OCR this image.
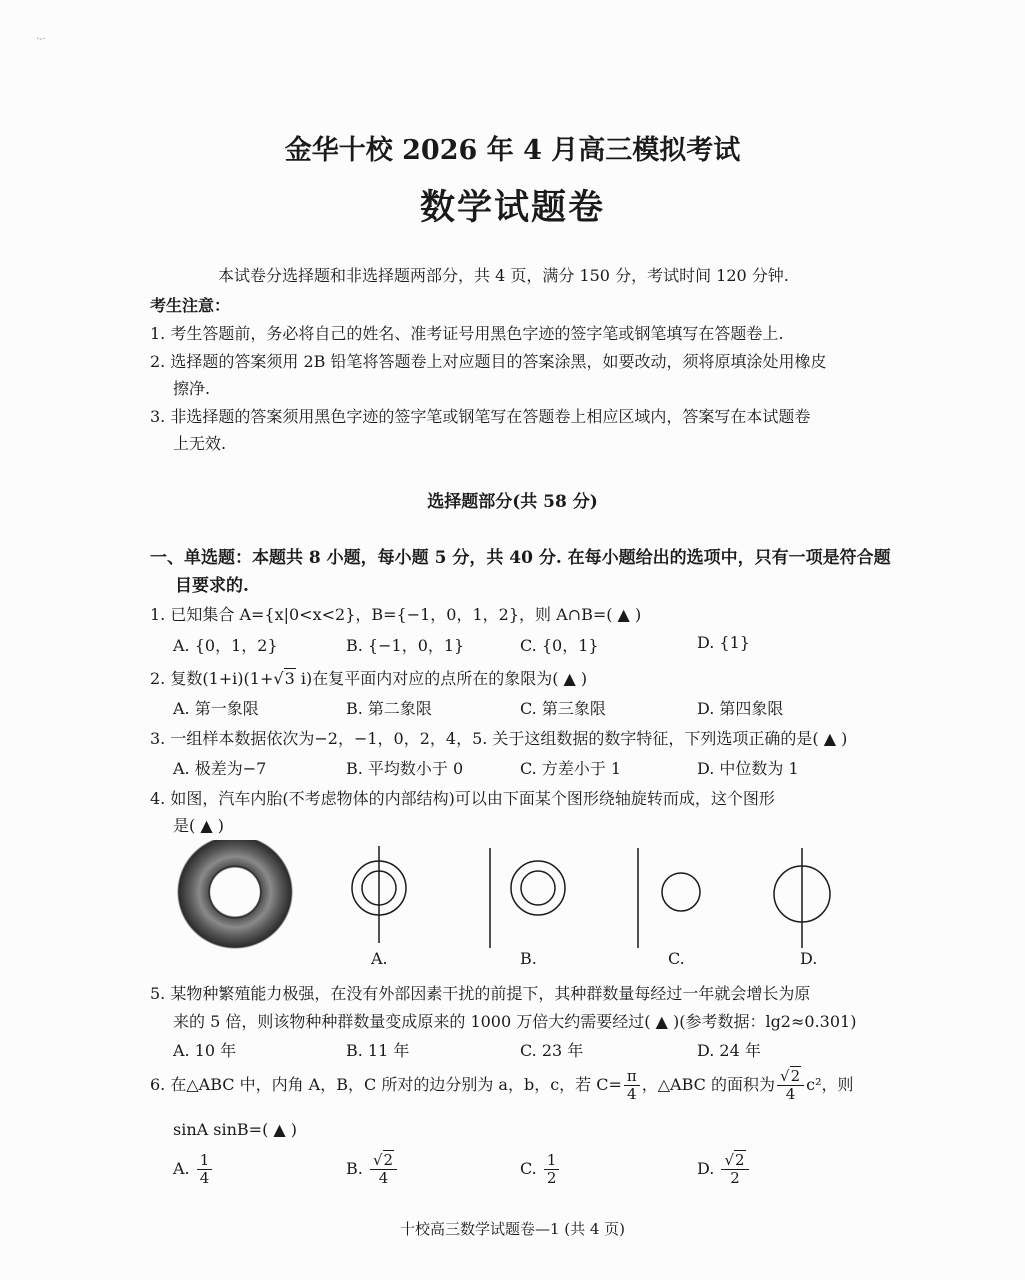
·-·
金华十校 2026 年 4 月高三模拟考试
数学试题卷
本试卷分选择题和非选择题两部分，共 4 页，满分 150 分，考试时间 120 分钟.
考生注意：
1. 考生答题前，务必将自己的姓名、准考证号用黑色字迹的签字笔或钢笔填写在答题卷上.
2. 选择题的答案须用 2B 铅笔将答题卷上对应题目的答案涂黑，如要改动，须将原填涂处用橡皮
擦净.
3. 非选择题的答案须用黑色字迹的签字笔或钢笔写在答题卷上相应区域内，答案写在本试题卷
上无效.
选择题部分(共 58 分)
一、单选题：本题共 8 小题，每小题 5 分，共 40 分. 在每小题给出的选项中，只有一项是符合题
目要求的.
1. 已知集合 A={x|0<x<2}，B={−1，0，1，2}，则 A∩B=( ▲ )
A. {0，1，2}	B. {−1，0，1}	C. {0，1}	D. {1}
2. 复数(1+i)(1+√3 i)在复平面内对应的点所在的象限为( ▲ )
A. 第一象限	B. 第二象限	C. 第三象限	D. 第四象限
3. 一组样本数据依次为−2，−1，0，2，4，5. 关于这组数据的数字特征，下列选项正确的是( ▲ )
A. 极差为−7	B. 平均数小于 0	C. 方差小于 1	D. 中位数为 1
4. 如图，汽车内胎(不考虑物体的内部结构)可以由下面某个图形绕轴旋转而成，这个图形
是( ▲ )
A.	B.	C.	D.
5. 某物种繁殖能力极强，在没有外部因素干扰的前提下，其种群数量每经过一年就会增长为原
来的 5 倍，则该物种种群数量变成原来的 1000 万倍大约需要经过( ▲ )(参考数据：lg2≈0.301)
A. 10 年	B. 11 年	C. 23 年	D. 24 年
6. 在△ABC 中，内角 A，B，C 所对的边分别为 a，b，c，若 $C= \frac{\pi}{4}$ ，△ABC 的面积为 $\frac{√2}{4} c^2$，则
sinA sinB=( ▲ )
A. $\frac{1}{4}$	B. $\frac{√2}{4}$	C. $\frac{1}{2}$	D. $\frac{√2}{2}$
十校高三数学试题卷—1 (共 4 页)
